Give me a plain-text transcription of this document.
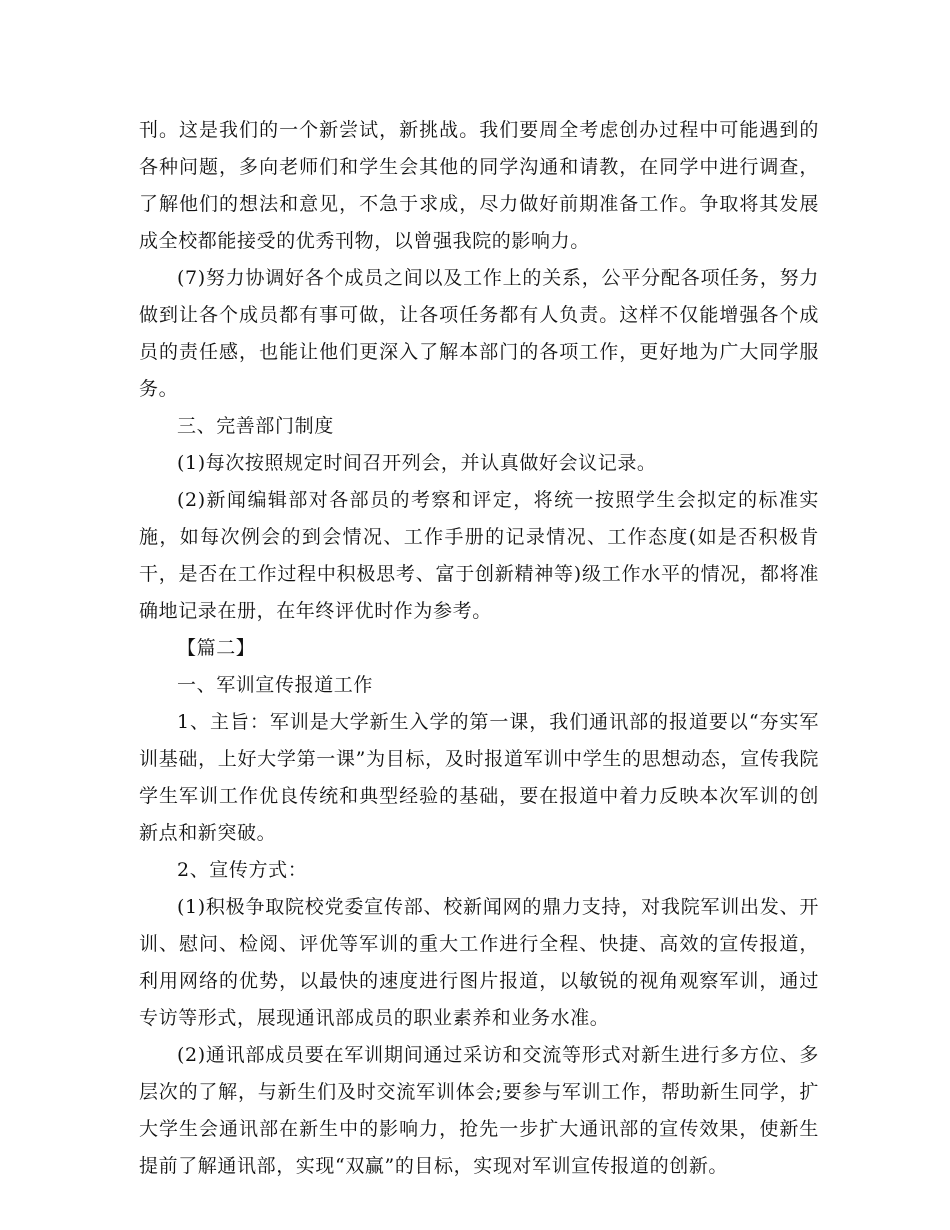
刊。这是我们的一个新尝试，新挑战。我们要周全考虑创办过程中可能遇到的各种问题，多向老师们和学生会其他的同学沟通和请教，在同学中进行调查，了解他们的想法和意见，不急于求成，尽力做好前期准备工作。争取将其发展成全校都能接受的优秀刊物，以曾强我院的影响力。

(7)努力协调好各个成员之间以及工作上的关系，公平分配各项任务，努力做到让各个成员都有事可做，让各项任务都有人负责。这样不仅能增强各个成员的责任感，也能让他们更深入了解本部门的各项工作，更好地为广大同学服务。

三、完善部门制度

(1)每次按照规定时间召开列会，并认真做好会议记录。

(2)新闻编辑部对各部员的考察和评定，将统一按照学生会拟定的标准实施，如每次例会的到会情况、工作手册的记录情况、工作态度(如是否积极肯干，是否在工作过程中积极思考、富于创新精神等)级工作水平的情况，都将准确地记录在册，在年终评优时作为参考。

【篇二】

一、军训宣传报道工作

1、主旨：军训是大学新生入学的第一课，我们通讯部的报道要以“夯实军训基础，上好大学第一课”为目标，及时报道军训中学生的思想动态，宣传我院学生军训工作优良传统和典型经验的基础，要在报道中着力反映本次军训的创新点和新突破。

2、宣传方式：

(1)积极争取院校党委宣传部、校新闻网的鼎力支持，对我院军训出发、开训、慰问、检阅、评优等军训的重大工作进行全程、快捷、高效的宣传报道，利用网络的优势，以最快的速度进行图片报道，以敏锐的视角观察军训，通过专访等形式，展现通讯部成员的职业素养和业务水准。

(2)通讯部成员要在军训期间通过采访和交流等形式对新生进行多方位、多层次的了解，与新生们及时交流军训体会;要参与军训工作，帮助新生同学，扩大学生会通讯部在新生中的影响力，抢先一步扩大通讯部的宣传效果，使新生提前了解通讯部，实现“双赢”的目标，实现对军训宣传报道的创新。
